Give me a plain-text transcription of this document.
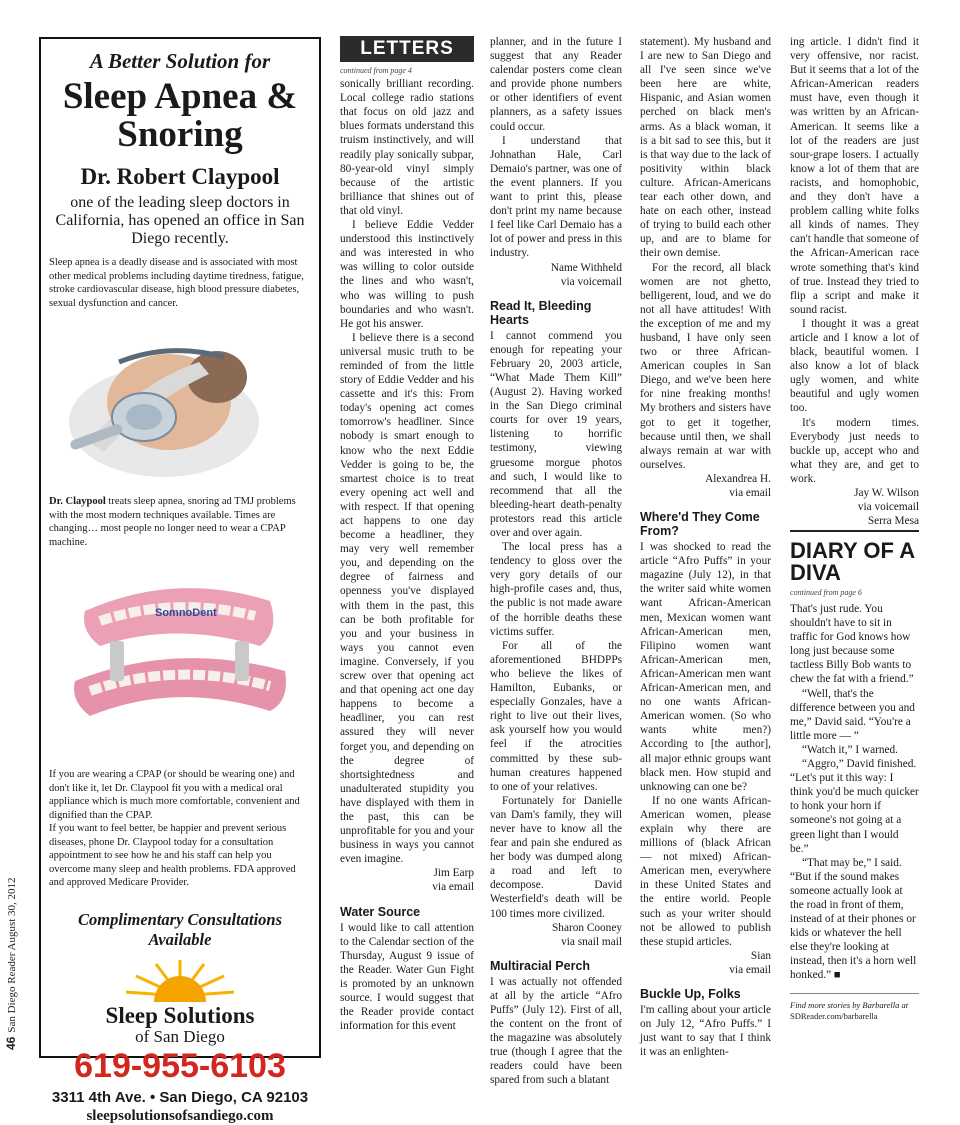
46San Diego Reader August 30, 2012
A Better Solution for
Sleep Apnea & Snoring
Dr. Robert Claypool
one of the leading sleep doctors in California, has opened an office in San Diego recently.
Sleep apnea is a deadly disease and is associated with most other medical problems including daytime tiredness, fatigue, stroke cardiovascular disease, high blood pressure diabetes, sexual dysfunction and cancer.
Dr. Claypool treats sleep apnea, snoring ad TMJ problems with the most modern techniques available. Times are changing… most people no longer need to wear a CPAP machine.
SomnoDent
If you are wearing a CPAP (or should be wearing one) and don't like it, let Dr. Claypool fit you with a medical oral appliance which is much more comfortable, convenient and dignified than the CPAP.
If you want to feel better, be happier and prevent serious diseases, phone Dr. Claypool today for a consultation appointment to see how he and his staff can help you overcome many sleep and health problems. FDA approved and approved Medicare Provider.
Complimentary Consultations Available
Sleep Solutions
of San Diego
619-955-6103
3311 4th Ave. • San Diego, CA 92103
sleepsolutionsofsandiego.com
LETTERS
continued from page 4

sonically brilliant recording. Local college radio stations that focus on old jazz and blues formats understand this truism instinctively, and will readily play sonically subpar, 80-year-old vinyl simply because of the artistic brilliance that shines out of that old vinyl.

I believe Eddie Vedder understood this instinctively and was interested in who was willing to color outside the lines and who wasn't, who was willing to push boundaries and who wasn't. He got his answer.

I believe there is a second universal music truth to be reminded of from the little story of Eddie Vedder and his cassette and it's this: From today's opening act comes tomorrow's headliner. Since nobody is smart enough to know who the next Eddie Vedder is going to be, the smartest choice is to treat every opening act well and with respect. If that opening act happens to one day become a headliner, they may very well remember you, and depending on the degree of fairness and openness you've displayed with them in the past, this can be both profitable for you and your business in ways you cannot even imagine. Conversely, if you screw over that opening act and that opening act one day happens to become a headliner, you can rest assured they will never forget you, and depending on the degree of shortsightedness and unadulterated stupidity you have displayed with them in the past, this can be unprofitable for you and your business in ways you cannot even imagine.

Jim Earp

via email

Water Source

I would like to call attention to the Calendar section of the Thursday, August 9 issue of the Reader. Water Gun Fight is promoted by an unknown source. I would suggest that the Reader provide contact information for this event

planner, and in the future I suggest that any Reader calendar posters come clean and provide phone numbers or other identifiers of event planners, as a safety issues could occur.

I understand that Johnathan Hale, Carl Demaio's partner, was one of the event planners. If you want to print this, please don't print my name because I feel like Carl Demaio has a lot of power and press in this industry.

Name Withheld

via voicemail

Read It, Bleeding Hearts

I cannot commend you enough for repeating your February 20, 2003 article, “What Made Them Kill” (August 2). Having worked in the San Diego criminal courts for over 19 years, listening to horrific testimony, viewing gruesome morgue photos and such, I would like to recommend that all the bleeding-heart death-penalty protestors read this article over and over again.

The local press has a tendency to gloss over the very gory details of our high-profile cases and, thus, the public is not made aware of the horrible deaths these victims suffer.

For all of the aforementioned BHDPPs who believe the likes of Hamilton, Eubanks, or especially Gonzales, have a right to live out their lives, ask yourself how you would feel if the atrocities committed by these sub-human creatures happened to one of your relatives.

Fortunately for Danielle van Dam's family, they will never have to know all the fear and pain she endured as her body was dumped along a road and left to decompose. David Westerfield's death will be 100 times more civilized.

Sharon Cooney

via snail mail

Multiracial Perch

I was actually not offended at all by the article “Afro Puffs” (July 12). First of all, the content on the front of the magazine was absolutely true (though I agree that the readers could have been spared from such a blatant

statement). My husband and I are new to San Diego and all I've seen since we've been here are white, Hispanic, and Asian women perched on black men's arms. As a black woman, it is a bit sad to see this, but it is that way due to the lack of positivity within black culture. African-Americans tear each other down, and hate on each other, instead of trying to build each other up, and are to blame for their own demise.

For the record, all black women are not ghetto, belligerent, loud, and we do not all have attitudes! With the exception of me and my husband, I have only seen two or three African-American couples in San Diego, and we've been here for nine freaking months! My brothers and sisters have got to get it together, because until then, we shall always remain at war with ourselves.

Alexandrea H.

via email

Where'd They Come From?

I was shocked to read the article “Afro Puffs” in your magazine (July 12), in that the writer said white women want African-American men, Mexican women want African-American men, Filipino women want African-American men, African-American men want African-American men, and no one wants African-American women. (So who wants white men?) According to [the author], all major ethnic groups want black men. How stupid and unknowing can one be?

If no one wants African-American women, please explain why there are millions of (black African — not mixed) African-American men, everywhere in these United States and the entire world. People such as your writer should not be allowed to publish these stupid articles.

Sian

via email

Buckle Up, Folks

I'm calling about your article on July 12, “Afro Puffs.” I just want to say that I think it was an enlighten-

ing article. I didn't find it very offensive, nor racist. But it seems that a lot of the African-American readers must have, even though it was written by an African-American. It seems like a lot of the readers are just sour-grape losers. I actually know a lot of them that are racists, and homophobic, and they don't have a problem calling white folks all kinds of names. They can't handle that someone of the African-American race wrote something that's kind of true. Instead they tried to flip a script and make it sound racist.

I thought it was a great article and I know a lot of black, beautiful women. I also know a lot of black ugly women, and white beautiful and ugly women too.

It's modern times. Everybody just needs to buckle up, accept who and what they are, and get to work.

Jay W. Wilson

via voicemail

Serra Mesa

DIARY OF A DIVA
continued from page 6

That's just rude. You shouldn't have to sit in traffic for God knows how long just because some tactless Billy Bob wants to chew the fat with a friend.”

“Well, that's the difference between you and me,” David said. “You're a little more — ”

“Watch it,” I warned.

“Aggro,” David finished. “Let's put it this way: I think you'd be much quicker to honk your horn if someone's not going at a green light than I would be.”

“That may be,” I said. “But if the sound makes someone actually look at the road in front of them, instead of at their phones or kids or whatever the hell else they're looking at instead, then it's a horn well honked.” ■

Find more stories by Barbarella at
SDReader.com/barbarella
